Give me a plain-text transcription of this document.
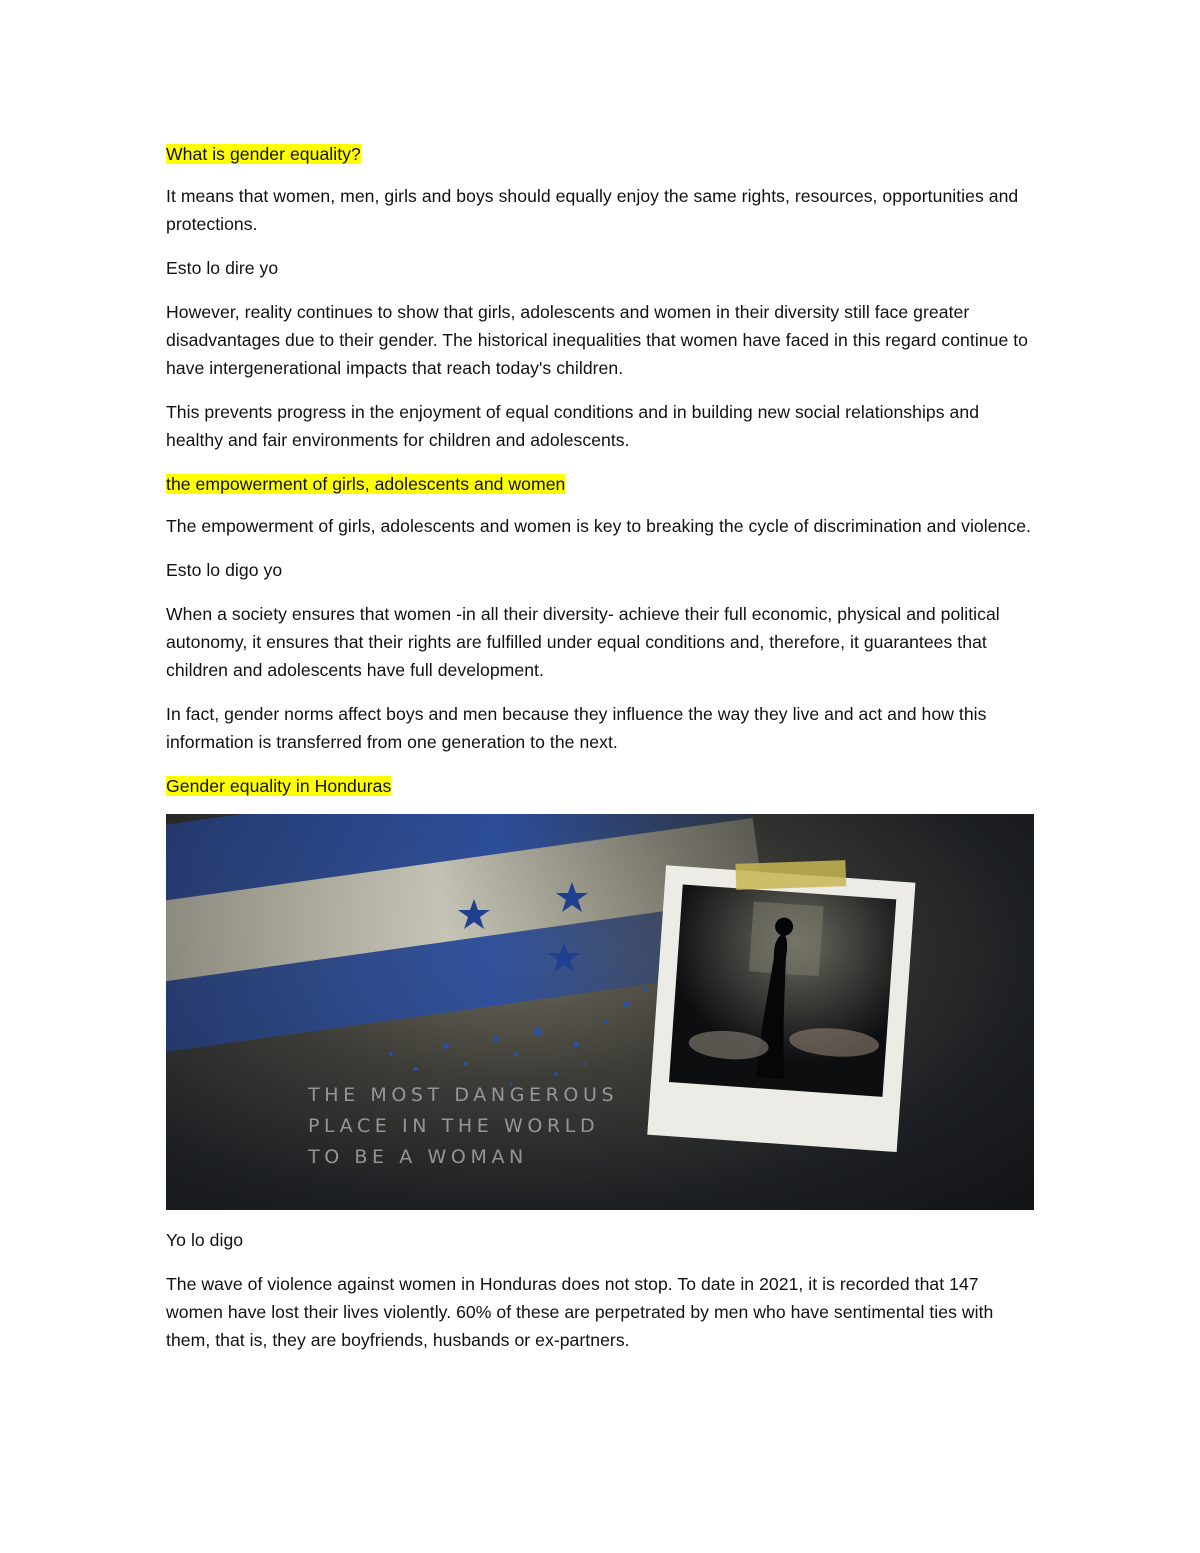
What is gender equality?

It means that women, men, girls and boys should equally enjoy the same rights, resources, opportunities and protections.

Esto lo dire yo

However, reality continues to show that girls, adolescents and women in their diversity still face greater disadvantages due to their gender. The historical inequalities that women have faced in this regard continue to have intergenerational impacts that reach today's children.

This prevents progress in the enjoyment of equal conditions and in building new social relationships and healthy and fair environments for children and adolescents.

the empowerment of girls, adolescents and women

The empowerment of girls, adolescents and women is key to breaking the cycle of discrimination and violence.

Esto lo digo yo

When a society ensures that women -in all their diversity- achieve their full economic, physical and political autonomy, it ensures that their rights are fulfilled under equal conditions and, therefore, it guarantees that children and adolescents have full development.

In fact, gender norms affect boys and men because they influence the way they live and act and how this information is transferred from one generation to the next.

Gender equality in Honduras

THE MOST DANGEROUS
PLACE IN THE WORLD
TO BE A WOMAN

Yo lo digo

The wave of violence against women in Honduras does not stop. To date in 2021, it is recorded that 147 women have lost their lives violently. 60% of these are perpetrated by men who have sentimental ties with them, that is, they are boyfriends, husbands or ex-partners.
